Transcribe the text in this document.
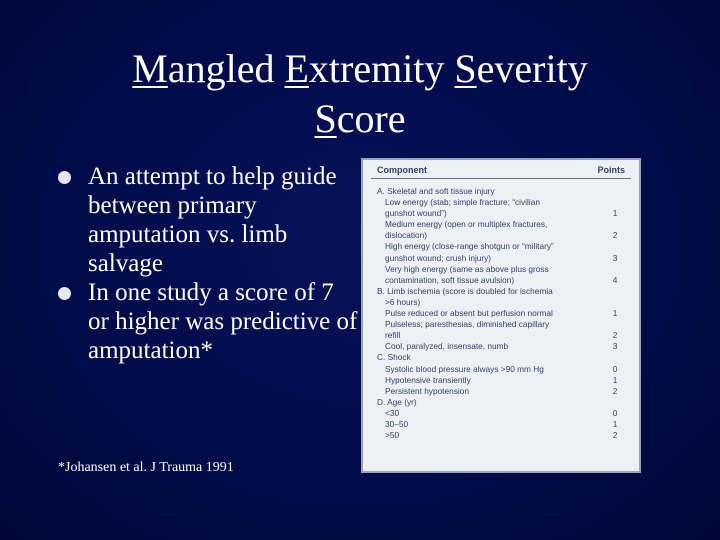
Mangled Extremity Severity
Score
An attempt to help guide between primary amputation vs. limb salvage
In one study a score of 7 or higher was predictive of amputation*
*Johansen et al. J Trauma 1991
Component	Points
A. Skeletal and soft tissue injury
Low energy (stab; simple fracture; “civilian
gunshot wound”)	1
Medium energy (open or multiplex fractures,
dislocation)	2
High energy (close-range shotgun or “military”
gunshot wound; crush injury)	3
Very high energy (same as above plus gross
contamination, soft tissue avulsion)	4
B. Limb ischemia (score is doubled for ischemia
>6 hours)
Pulse reduced or absent but perfusion normal	1
Pulseless; paresthesias, diminished capillary
refill	2
Cool, paralyzed, insensate, numb	3
C. Shock
Systolic blood pressure always >90 mm Hg	0
Hypotensive transiently	1
Persistent hypotension	2
D. Age (yr)
<30	0
30–50	1
>50	2
